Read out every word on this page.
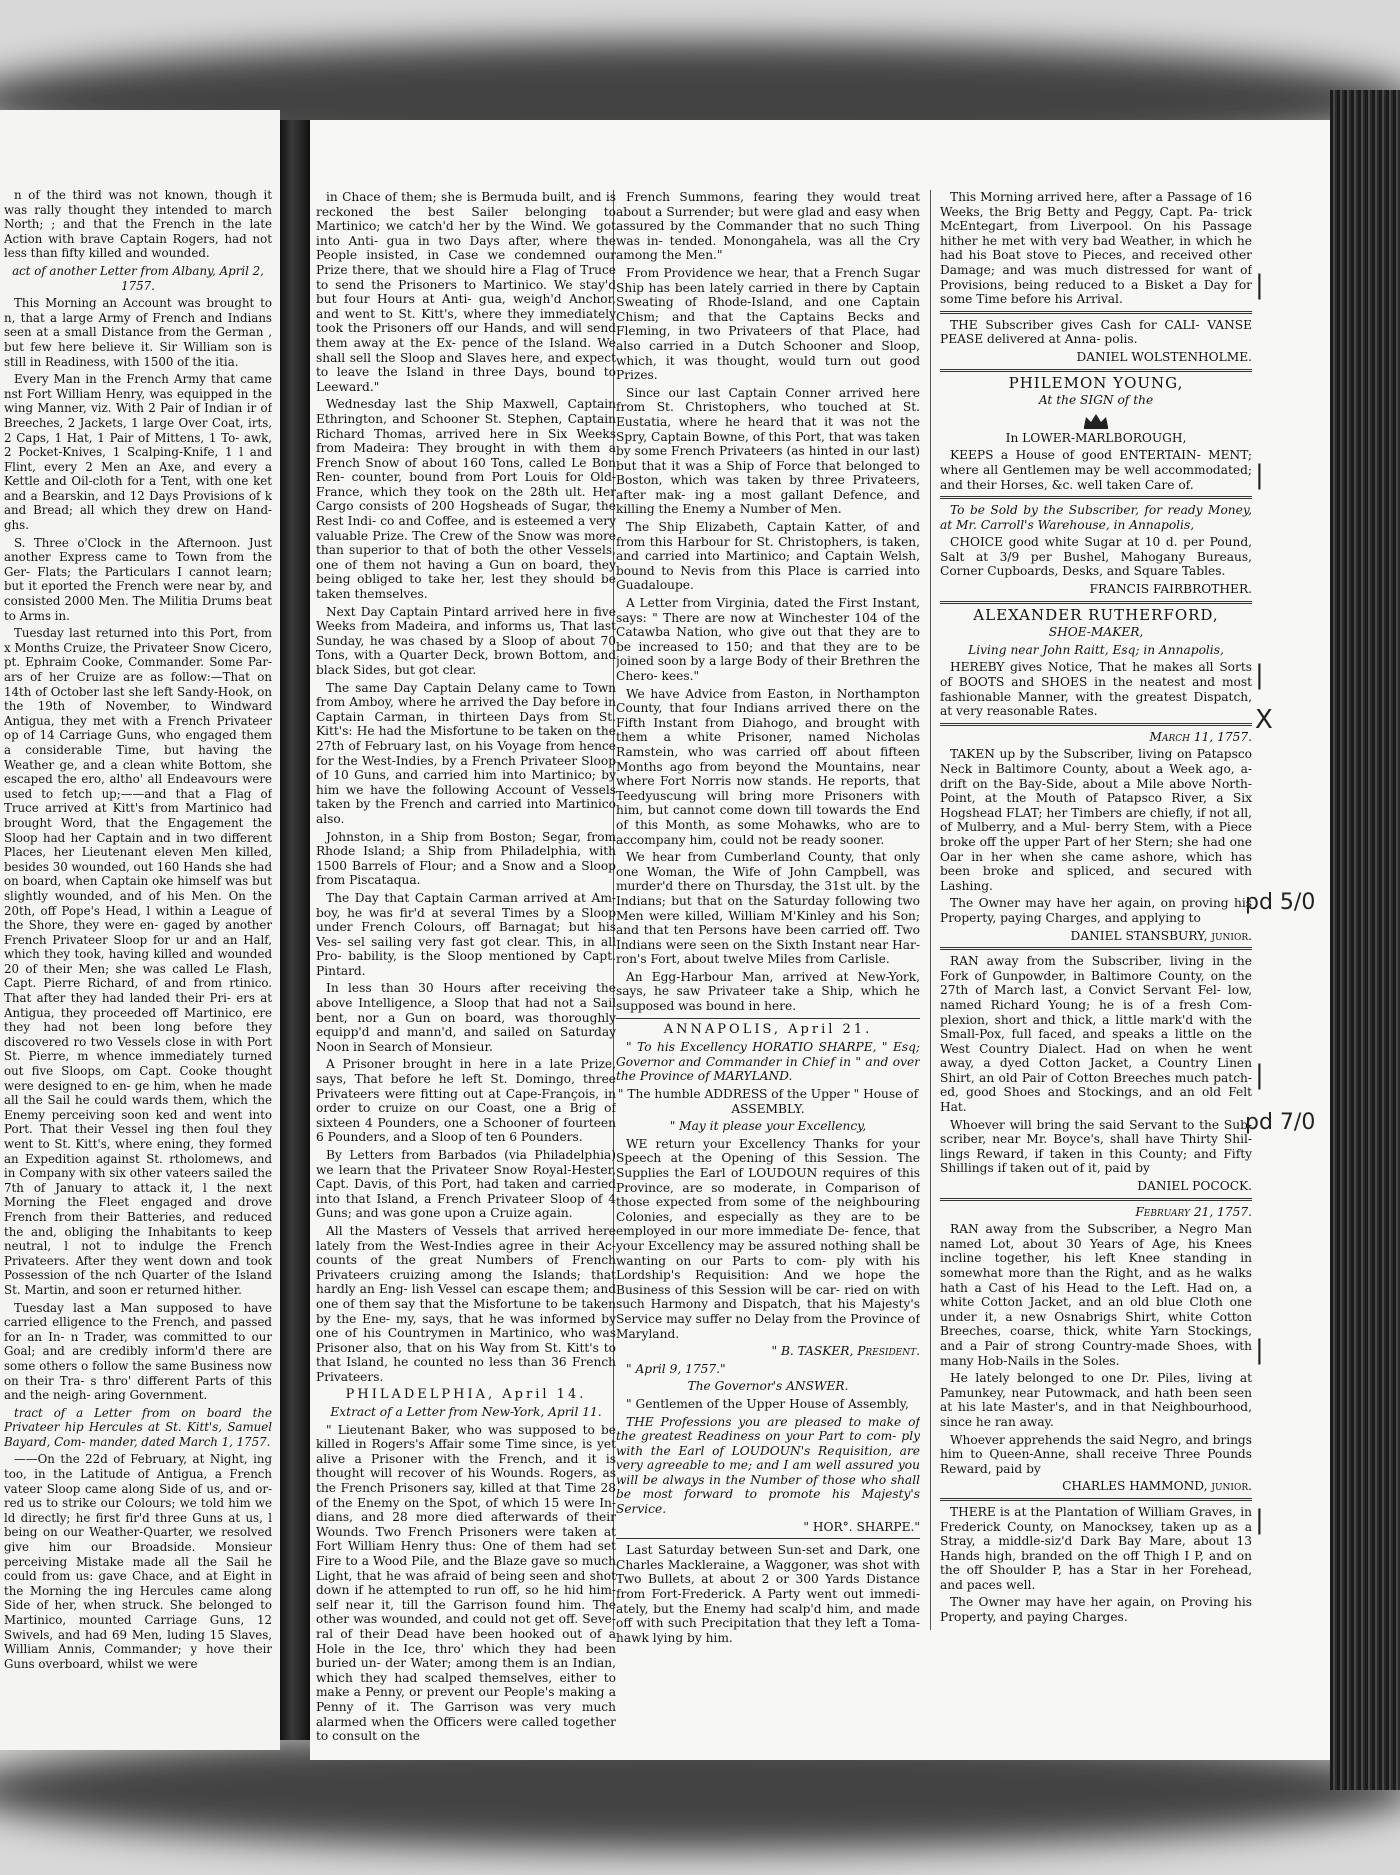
n of the third was not known, though it was rally thought they intended to march North; ; and that the French in the late Action with brave Captain Rogers, had not less than fifty killed and wounded.

act of another Letter from Albany, April 2, 1757.

This Morning an Account was brought to n, that a large Army of French and Indians seen at a small Distance from the German , but few here believe it. Sir William son is still in Readiness, with 1500 of the itia.

Every Man in the French Army that came nst Fort William Henry, was equipped in the wing Manner, viz. With 2 Pair of Indian ir of Breeches, 2 Jackets, 1 large Over Coat, irts, 2 Caps, 1 Hat, 1 Pair of Mittens, 1 To- awk, 2 Pocket-Knives, 1 Scalping-Knife, 1 l and Flint, every 2 Men an Axe, and every a Kettle and Oil-cloth for a Tent, with one ket and a Bearskin, and 12 Days Provisions of k and Bread; all which they drew on Hand-ghs.

S. Three o'Clock in the Afternoon. Just another Express came to Town from the Ger- Flats; the Particulars I cannot learn; but it eported the French were near by, and consisted 2000 Men. The Militia Drums beat to Arms in.

Tuesday last returned into this Port, from x Months Cruize, the Privateer Snow Cicero, pt. Ephraim Cooke, Commander. Some Par- ars of her Cruize are as follow:—That on 14th of October last she left Sandy-Hook, on the 19th of November, to Windward Antigua, they met with a French Privateer op of 14 Carriage Guns, who engaged them a considerable Time, but having the Weather ge, and a clean white Bottom, she escaped the ero, altho' all Endeavours were used to fetch up;——and that a Flag of Truce arrived at Kitt's from Martinico had brought Word, that the Engagement the Sloop had her Captain and in two different Places, her Lieutenant eleven Men killed, besides 30 wounded, out 160 Hands she had on board, when Captain oke himself was but slightly wounded, and of his Men. On the 20th, off Pope's Head, l within a League of the Shore, they were en- gaged by another French Privateer Sloop for ur and an Half, which they took, having killed and wounded 20 of their Men; she was called Le Flash, Capt. Pierre Richard, of and from rtinico. That after they had landed their Pri- ers at Antigua, they proceeded off Martinico, ere they had not been long before they discovered ro two Vessels close in with Port St. Pierre, m whence immediately turned out five Sloops, om Capt. Cooke thought were designed to en- ge him, when he made all the Sail he could wards them, which the Enemy perceiving soon ked and went into Port. That their Vessel ing then foul they went to St. Kitt's, where ening, they formed an Expedition against St. rtholomews, and in Company with six other vateers sailed the 7th of January to attack it, l the next Morning the Fleet engaged and drove French from their Batteries, and reduced the and, obliging the Inhabitants to keep neutral, l not to indulge the French Privateers. After they went down and took Possession of the nch Quarter of the Island St. Martin, and soon er returned hither.

Tuesday last a Man supposed to have carried elligence to the French, and passed for an In- n Trader, was committed to our Goal; and are credibly inform'd there are some others o follow the same Business now on their Tra- s thro' different Parts of this and the neigh- aring Government.

tract of a Letter from on board the Privateer hip Hercules at St. Kitt's, Samuel Bayard, Com- mander, dated March 1, 1757.

——On the 22d of February, at Night, ing too, in the Latitude of Antigua, a French vateer Sloop came along Side of us, and or- red us to strike our Colours; we told him we ld directly; he first fir'd three Guns at us, l being on our Weather-Quarter, we resolved give him our Broadside. Monsieur perceiving Mistake made all the Sail he could from us: gave Chace, and at Eight in the Morning the ing Hercules came along Side of her, when struck. She belonged to Martinico, mounted Carriage Guns, 12 Swivels, and had 69 Men, luding 15 Slaves, William Annis, Commander; y hove their Guns overboard, whilst we were

in Chace of them; she is Bermuda built, and is reckoned the best Sailer belonging to Martinico; we catch'd her by the Wind. We got into Anti- gua in two Days after, where the People insisted, in Case we condemned our Prize there, that we should hire a Flag of Truce to send the Prisoners to Martinico. We stay'd but four Hours at Anti- gua, weigh'd Anchor, and went to St. Kitt's, where they immediately took the Prisoners off our Hands, and will send them away at the Ex- pence of the Island. We shall sell the Sloop and Slaves here, and expect to leave the Island in three Days, bound to Leeward."

Wednesday last the Ship Maxwell, Captain Ethrington, and Schooner St. Stephen, Captain Richard Thomas, arrived here in Six Weeks from Madeira: They brought in with them a French Snow of about 160 Tons, called Le Bon Ren- counter, bound from Port Louis for Old-France, which they took on the 28th ult. Her Cargo consists of 200 Hogsheads of Sugar, the Rest Indi- co and Coffee, and is esteemed a very valuable Prize. The Crew of the Snow was more than superior to that of both the other Vessels, one of them not having a Gun on board, they being obliged to take her, lest they should be taken themselves.

Next Day Captain Pintard arrived here in five Weeks from Madeira, and informs us, That last Sunday, he was chased by a Sloop of about 70 Tons, with a Quarter Deck, brown Bottom, and black Sides, but got clear.

The same Day Captain Delany came to Town from Amboy, where he arrived the Day before in Captain Carman, in thirteen Days from St. Kitt's: He had the Misfortune to be taken on the 27th of February last, on his Voyage from hence for the West-Indies, by a French Privateer Sloop of 10 Guns, and carried him into Martinico; by him we have the following Account of Vessels taken by the French and carried into Martinico also.

Johnston, in a Ship from Boston; Segar, from Rhode Island; a Ship from Philadelphia, with 1500 Barrels of Flour; and a Snow and a Sloop from Piscataqua.

The Day that Captain Carman arrived at Am- boy, he was fir'd at several Times by a Sloop under French Colours, off Barnagat; but his Ves- sel sailing very fast got clear. This, in all Pro- bability, is the Sloop mentioned by Capt. Pintard.

In less than 30 Hours after receiving the above Intelligence, a Sloop that had not a Sail bent, nor a Gun on board, was thoroughly equipp'd and mann'd, and sailed on Saturday Noon in Search of Monsieur.

A Prisoner brought in here in a late Prize, says, That before he left St. Domingo, three Privateers were fitting out at Cape-François, in order to cruize on our Coast, one a Brig of sixteen 4 Pounders, one a Schooner of fourteen 6 Pounders, and a Sloop of ten 6 Pounders.

By Letters from Barbados (via Philadelphia) we learn that the Privateer Snow Royal-Hester, Capt. Davis, of this Port, had taken and carried into that Island, a French Privateer Sloop of 4 Guns; and was gone upon a Cruize again.

All the Masters of Vessels that arrived here lately from the West-Indies agree in their Ac- counts of the great Numbers of French Privateers cruizing among the Islands; that hardly an Eng- lish Vessel can escape them; and one of them say that the Misfortune to be taken by the Ene- my, says, that he was informed by one of his Countrymen in Martinico, who was Prisoner also, that on his Way from St. Kitt's to that Island, he counted no less than 36 French Privateers.

PHILADELPHIA, April 14.

Extract of a Letter from New-York, April 11.

" Lieutenant Baker, who was supposed to be killed in Rogers's Affair some Time since, is yet alive a Prisoner with the French, and it is thought will recover of his Wounds. Rogers, as the French Prisoners say, killed at that Time 28 of the Enemy on the Spot, of which 15 were In- dians, and 28 more died afterwards of their Wounds. Two French Prisoners were taken at Fort William Henry thus: One of them had set Fire to a Wood Pile, and the Blaze gave so much Light, that he was afraid of being seen and shot down if he attempted to run off, so he hid him- self near it, till the Garrison found him. The other was wounded, and could not get off. Seve- ral of their Dead have been hooked out of a Hole in the Ice, thro' which they had been buried un- der Water; among them is an Indian, which they had scalped themselves, either to make a Penny, or prevent our People's making a Penny of it. The Garrison was very much alarmed when the Officers were called together to consult on the

French Summons, fearing they would treat about a Surrender; but were glad and easy when assured by the Commander that no such Thing was in- tended. Monongahela, was all the Cry among the Men."

From Providence we hear, that a French Sugar Ship has been lately carried in there by Captain Sweating of Rhode-Island, and one Captain Chism; and that the Captains Becks and Fleming, in two Privateers of that Place, had also carried in a Dutch Schooner and Sloop, which, it was thought, would turn out good Prizes.

Since our last Captain Conner arrived here from St. Christophers, who touched at St. Eustatia, where he heard that it was not the Spry, Captain Bowne, of this Port, that was taken by some French Privateers (as hinted in our last) but that it was a Ship of Force that belonged to Boston, which was taken by three Privateers, after mak- ing a most gallant Defence, and killing the Enemy a Number of Men.

The Ship Elizabeth, Captain Katter, of and from this Harbour for St. Christophers, is taken, and carried into Martinico; and Captain Welsh, bound to Nevis from this Place is carried into Guadaloupe.

A Letter from Virginia, dated the First Instant, says: " There are now at Winchester 104 of the Catawba Nation, who give out that they are to be increased to 150; and that they are to be joined soon by a large Body of their Brethren the Chero- kees."

We have Advice from Easton, in Northampton County, that four Indians arrived there on the Fifth Instant from Diahogo, and brought with them a white Prisoner, named Nicholas Ramstein, who was carried off about fifteen Months ago from beyond the Mountains, near where Fort Norris now stands. He reports, that Teedyuscung will bring more Prisoners with him, but cannot come down till towards the End of this Month, as some Mohawks, who are to accompany him, could not be ready sooner.

We hear from Cumberland County, that only one Woman, the Wife of John Campbell, was murder'd there on Thursday, the 31st ult. by the Indians; but that on the Saturday following two Men were killed, William M'Kinley and his Son; and that ten Persons have been carried off. Two Indians were seen on the Sixth Instant near Har- ron's Fort, about twelve Miles from Carlisle.

An Egg-Harbour Man, arrived at New-York, says, he saw Privateer take a Ship, which he supposed was bound in here.

ANNAPOLIS, April 21.

" To his Excellency HORATIO SHARPE, " Esq; Governor and Commander in Chief in " and over the Province of MARYLAND.

" The humble ADDRESS of the Upper " House of ASSEMBLY.

" May it please your Excellency,

WE return your Excellency Thanks for your Speech at the Opening of this Session. The Supplies the Earl of LOUDOUN requires of this Province, are so moderate, in Comparison of those expected from some of the neighbouring Colonies, and especially as they are to be employed in our more immediate De- fence, that your Excellency may be assured nothing shall be wanting on our Parts to com- ply with his Lordship's Requisition: And we hope the Business of this Session will be car- ried on with such Harmony and Dispatch, that his Majesty's Service may suffer no Delay from the Province of Maryland.

" B. TASKER, President.

" April 9, 1757."

The Governor's ANSWER.

" Gentlemen of the Upper House of Assembly,

THE Professions you are pleased to make of the greatest Readiness on your Part to com- ply with the Earl of LOUDOUN's Requisition, are very agreeable to me; and I am well assured you will be always in the Number of those who shall be most forward to promote his Majesty's Service.

" HOR°. SHARPE."

Last Saturday between Sun-set and Dark, one Charles Mackleraine, a Waggoner, was shot with Two Bullets, at about 2 or 300 Yards Distance from Fort-Frederick. A Party went out immedi- ately, but the Enemy had scalp'd him, and made off with such Precipitation that they left a Toma- hawk lying by him.

This Morning arrived here, after a Passage of 16 Weeks, the Brig Betty and Peggy, Capt. Pa- trick McEntegart, from Liverpool. On his Passage hither he met with very bad Weather, in which he had his Boat stove to Pieces, and received other Damage; and was much distressed for want of Provisions, being reduced to a Bisket a Day for some Time before his Arrival.

THE Subscriber gives Cash for CALI- VANSE PEASE delivered at Anna- polis.

DANIEL WOLSTENHOLME.

PHILEMON YOUNG,

At the SIGN of the

In LOWER-MARLBOROUGH,

KEEPS a House of good ENTERTAIN- MENT; where all Gentlemen may be well accommodated; and their Horses, &c. well taken Care of.

To be Sold by the Subscriber, for ready Money, at Mr. Carroll's Warehouse, in Annapolis,

CHOICE good white Sugar at 10 d. per Pound, Salt at 3/9 per Bushel, Mahogany Bureaus, Corner Cupboards, Desks, and Square Tables.

FRANCIS FAIRBROTHER.

ALEXANDER RUTHERFORD,

SHOE-MAKER,

Living near John Raitt, Esq; in Annapolis,

HEREBY gives Notice, That he makes all Sorts of BOOTS and SHOES in the neatest and most fashionable Manner, with the greatest Dispatch, at very reasonable Rates.

March 11, 1757.

TAKEN up by the Subscriber, living on Patapsco Neck in Baltimore County, about a Week ago, a-drift on the Bay-Side, about a Mile above North-Point, at the Mouth of Patapsco River, a Six Hogshead FLAT; her Timbers are chiefly, if not all, of Mulberry, and a Mul- berry Stem, with a Piece broke off the upper Part of her Stern; she had one Oar in her when she came ashore, which has been broke and spliced, and secured with Lashing.

The Owner may have her again, on proving his Property, paying Charges, and applying to

DANIEL STANSBURY, junior.

RAN away from the Subscriber, living in the Fork of Gunpowder, in Baltimore County, on the 27th of March last, a Convict Servant Fel- low, named Richard Young; he is of a fresh Com- plexion, short and thick, a little mark'd with the Small-Pox, full faced, and speaks a little on the West Country Dialect. Had on when he went away, a dyed Cotton Jacket, a Country Linen Shirt, an old Pair of Cotton Breeches much patch- ed, good Shoes and Stockings, and an old Felt Hat.

Whoever will bring the said Servant to the Sub- scriber, near Mr. Boyce's, shall have Thirty Shil- lings Reward, if taken in this County; and Fifty Shillings if taken out of it, paid by

DANIEL POCOCK.

February 21, 1757.

RAN away from the Subscriber, a Negro Man named Lot, about 30 Years of Age, his Knees incline together, his left Knee standing in somewhat more than the Right, and as he walks hath a Cast of his Head to the Left. Had on, a white Cotton Jacket, and an old blue Cloth one under it, a new Osnabrigs Shirt, white Cotton Breeches, coarse, thick, white Yarn Stockings, and a Pair of strong Country-made Shoes, with many Hob-Nails in the Soles.

He lately belonged to one Dr. Piles, living at Pamunkey, near Putowmack, and hath been seen at his late Master's, and in that Neighbourhood, since he ran away.

Whoever apprehends the said Negro, and brings him to Queen-Anne, shall receive Three Pounds Reward, paid by

CHARLES HAMMOND, junior.

THERE is at the Plantation of William Graves, in Frederick County, on Manocksey, taken up as a Stray, a middle-siz'd Dark Bay Mare, about 13 Hands high, branded on the off Thigh I P, and on the off Shoulder P, has a Star in her Forehead, and paces well.

The Owner may have her again, on Proving his Property, and paying Charges.

|
|
|
X
pd 5/0
|
pd 7/0
|
|
